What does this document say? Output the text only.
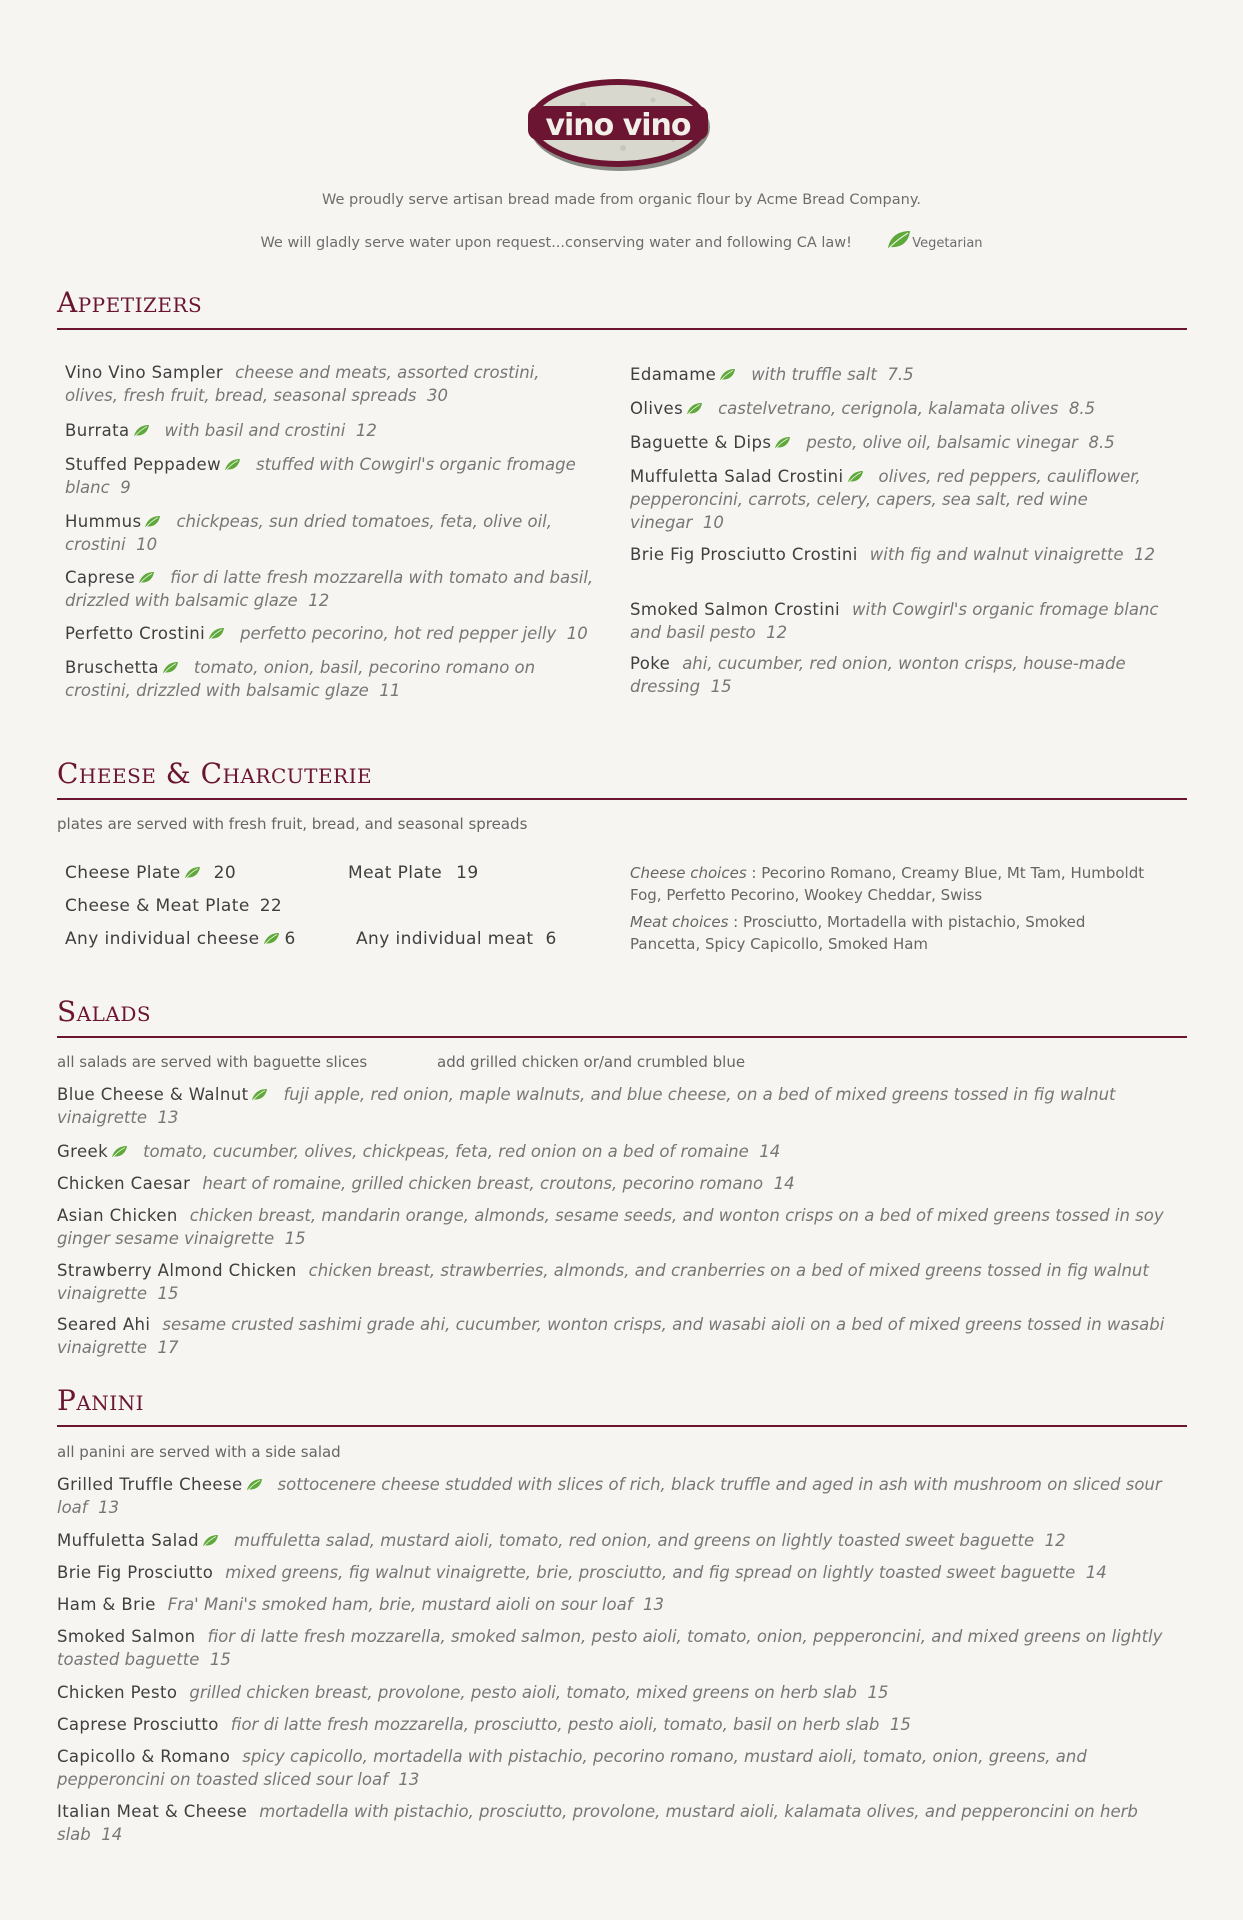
vino vino
We proudly serve artisan bread made from organic flour by Acme Bread Company.
We will gladly serve water upon request...conserving water and following CA law!	Vegetarian
Appetizers
Vino Vino Sampler cheese and meats, assorted crostini, olives, fresh fruit, bread, seasonal spreads 30
Burrata with basil and crostini 12
Stuffed Peppadew stuffed with Cowgirl's organic fromage blanc 9
Hummus chickpeas, sun dried tomatoes, feta, olive oil, crostini 10
Caprese fior di latte fresh mozzarella with tomato and basil, drizzled with balsamic glaze 12
Perfetto Crostini perfetto pecorino, hot red pepper jelly 10
Bruschetta tomato, onion, basil, pecorino romano on crostini, drizzled with balsamic glaze 11
Edamame with truffle salt 7.5
Olives castelvetrano, cerignola, kalamata olives 8.5
Baguette & Dips pesto, olive oil, balsamic vinegar 8.5
Muffuletta Salad Crostini olives, red peppers, cauliflower, pepperoncini, carrots, celery, capers, sea salt, red wine vinegar 10
Brie Fig Prosciutto Crostini with fig and walnut vinaigrette 12
Smoked Salmon Crostini with Cowgirl's organic fromage blanc and basil pesto 12
Poke ahi, cucumber, red onion, wonton crisps, house-made dressing 15
Cheese & Charcuterie
plates are served with fresh fruit, bread, and seasonal spreads
Cheese Plate 20	Meat Plate 19
Cheese & Meat Plate 22
Any individual cheese 6	Any individual meat 6
Cheese choices : Pecorino Romano, Creamy Blue, Mt Tam, Humboldt Fog, Perfetto Pecorino, Wookey Cheddar, Swiss
Meat choices : Prosciutto, Mortadella with pistachio, Smoked Pancetta, Spicy Capicollo, Smoked Ham
Salads
all salads are served with baguette slices	add grilled chicken or/and crumbled blue
Blue Cheese & Walnut fuji apple, red onion, maple walnuts, and blue cheese, on a bed of mixed greens tossed in fig walnut vinaigrette 13
Greek tomato, cucumber, olives, chickpeas, feta, red onion on a bed of romaine 14
Chicken Caesar heart of romaine, grilled chicken breast, croutons, pecorino romano 14
Asian Chicken chicken breast, mandarin orange, almonds, sesame seeds, and wonton crisps on a bed of mixed greens tossed in soy ginger sesame vinaigrette 15
Strawberry Almond Chicken chicken breast, strawberries, almonds, and cranberries on a bed of mixed greens tossed in fig walnut vinaigrette 15
Seared Ahi sesame crusted sashimi grade ahi, cucumber, wonton crisps, and wasabi aioli on a bed of mixed greens tossed in wasabi vinaigrette 17
Panini
all panini are served with a side salad
Grilled Truffle Cheese sottocenere cheese studded with slices of rich, black truffle and aged in ash with mushroom on sliced sour loaf 13
Muffuletta Salad muffuletta salad, mustard aioli, tomato, red onion, and greens on lightly toasted sweet baguette 12
Brie Fig Prosciutto mixed greens, fig walnut vinaigrette, brie, prosciutto, and fig spread on lightly toasted sweet baguette 14
Ham & Brie Fra' Mani's smoked ham, brie, mustard aioli on sour loaf 13
Smoked Salmon fior di latte fresh mozzarella, smoked salmon, pesto aioli, tomato, onion, pepperoncini, and mixed greens on lightly toasted baguette 15
Chicken Pesto grilled chicken breast, provolone, pesto aioli, tomato, mixed greens on herb slab 15
Caprese Prosciutto fior di latte fresh mozzarella, prosciutto, pesto aioli, tomato, basil on herb slab 15
Capicollo & Romano spicy capicollo, mortadella with pistachio, pecorino romano, mustard aioli, tomato, onion, greens, and pepperoncini on toasted sliced sour loaf 13
Italian Meat & Cheese mortadella with pistachio, prosciutto, provolone, mustard aioli, kalamata olives, and pepperoncini on herb slab 14
